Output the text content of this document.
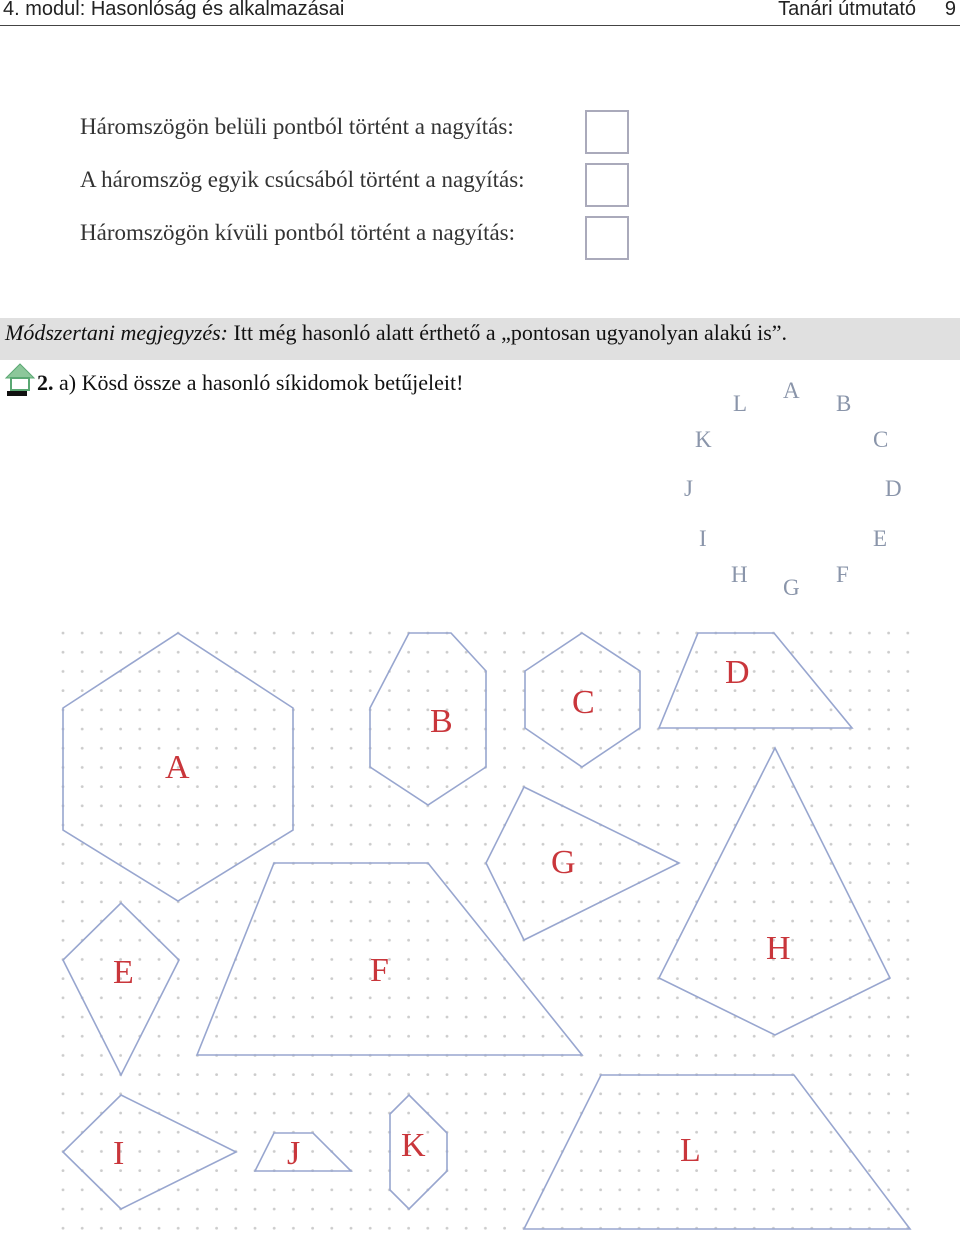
4. modul: Hasonlóság és alkalmazásai	Tanári útmutató 9
Háromszögön belüli pontból történt a nagyítás:
A háromszög egyik csúcsából történt a nagyítás:
Háromszögön kívüli pontból történt a nagyítás:
Módszertani megjegyzés: Itt még hasonló alatt érthető a „pontosan ugyanolyan alakú is”.
2. a) Kösd össze a hasonló síkidomok betűjeleit!	A
B
C
D
E
F
G
H
I
J
K
L
A
B
C
D
G
H
E	F
I	J	K	L
